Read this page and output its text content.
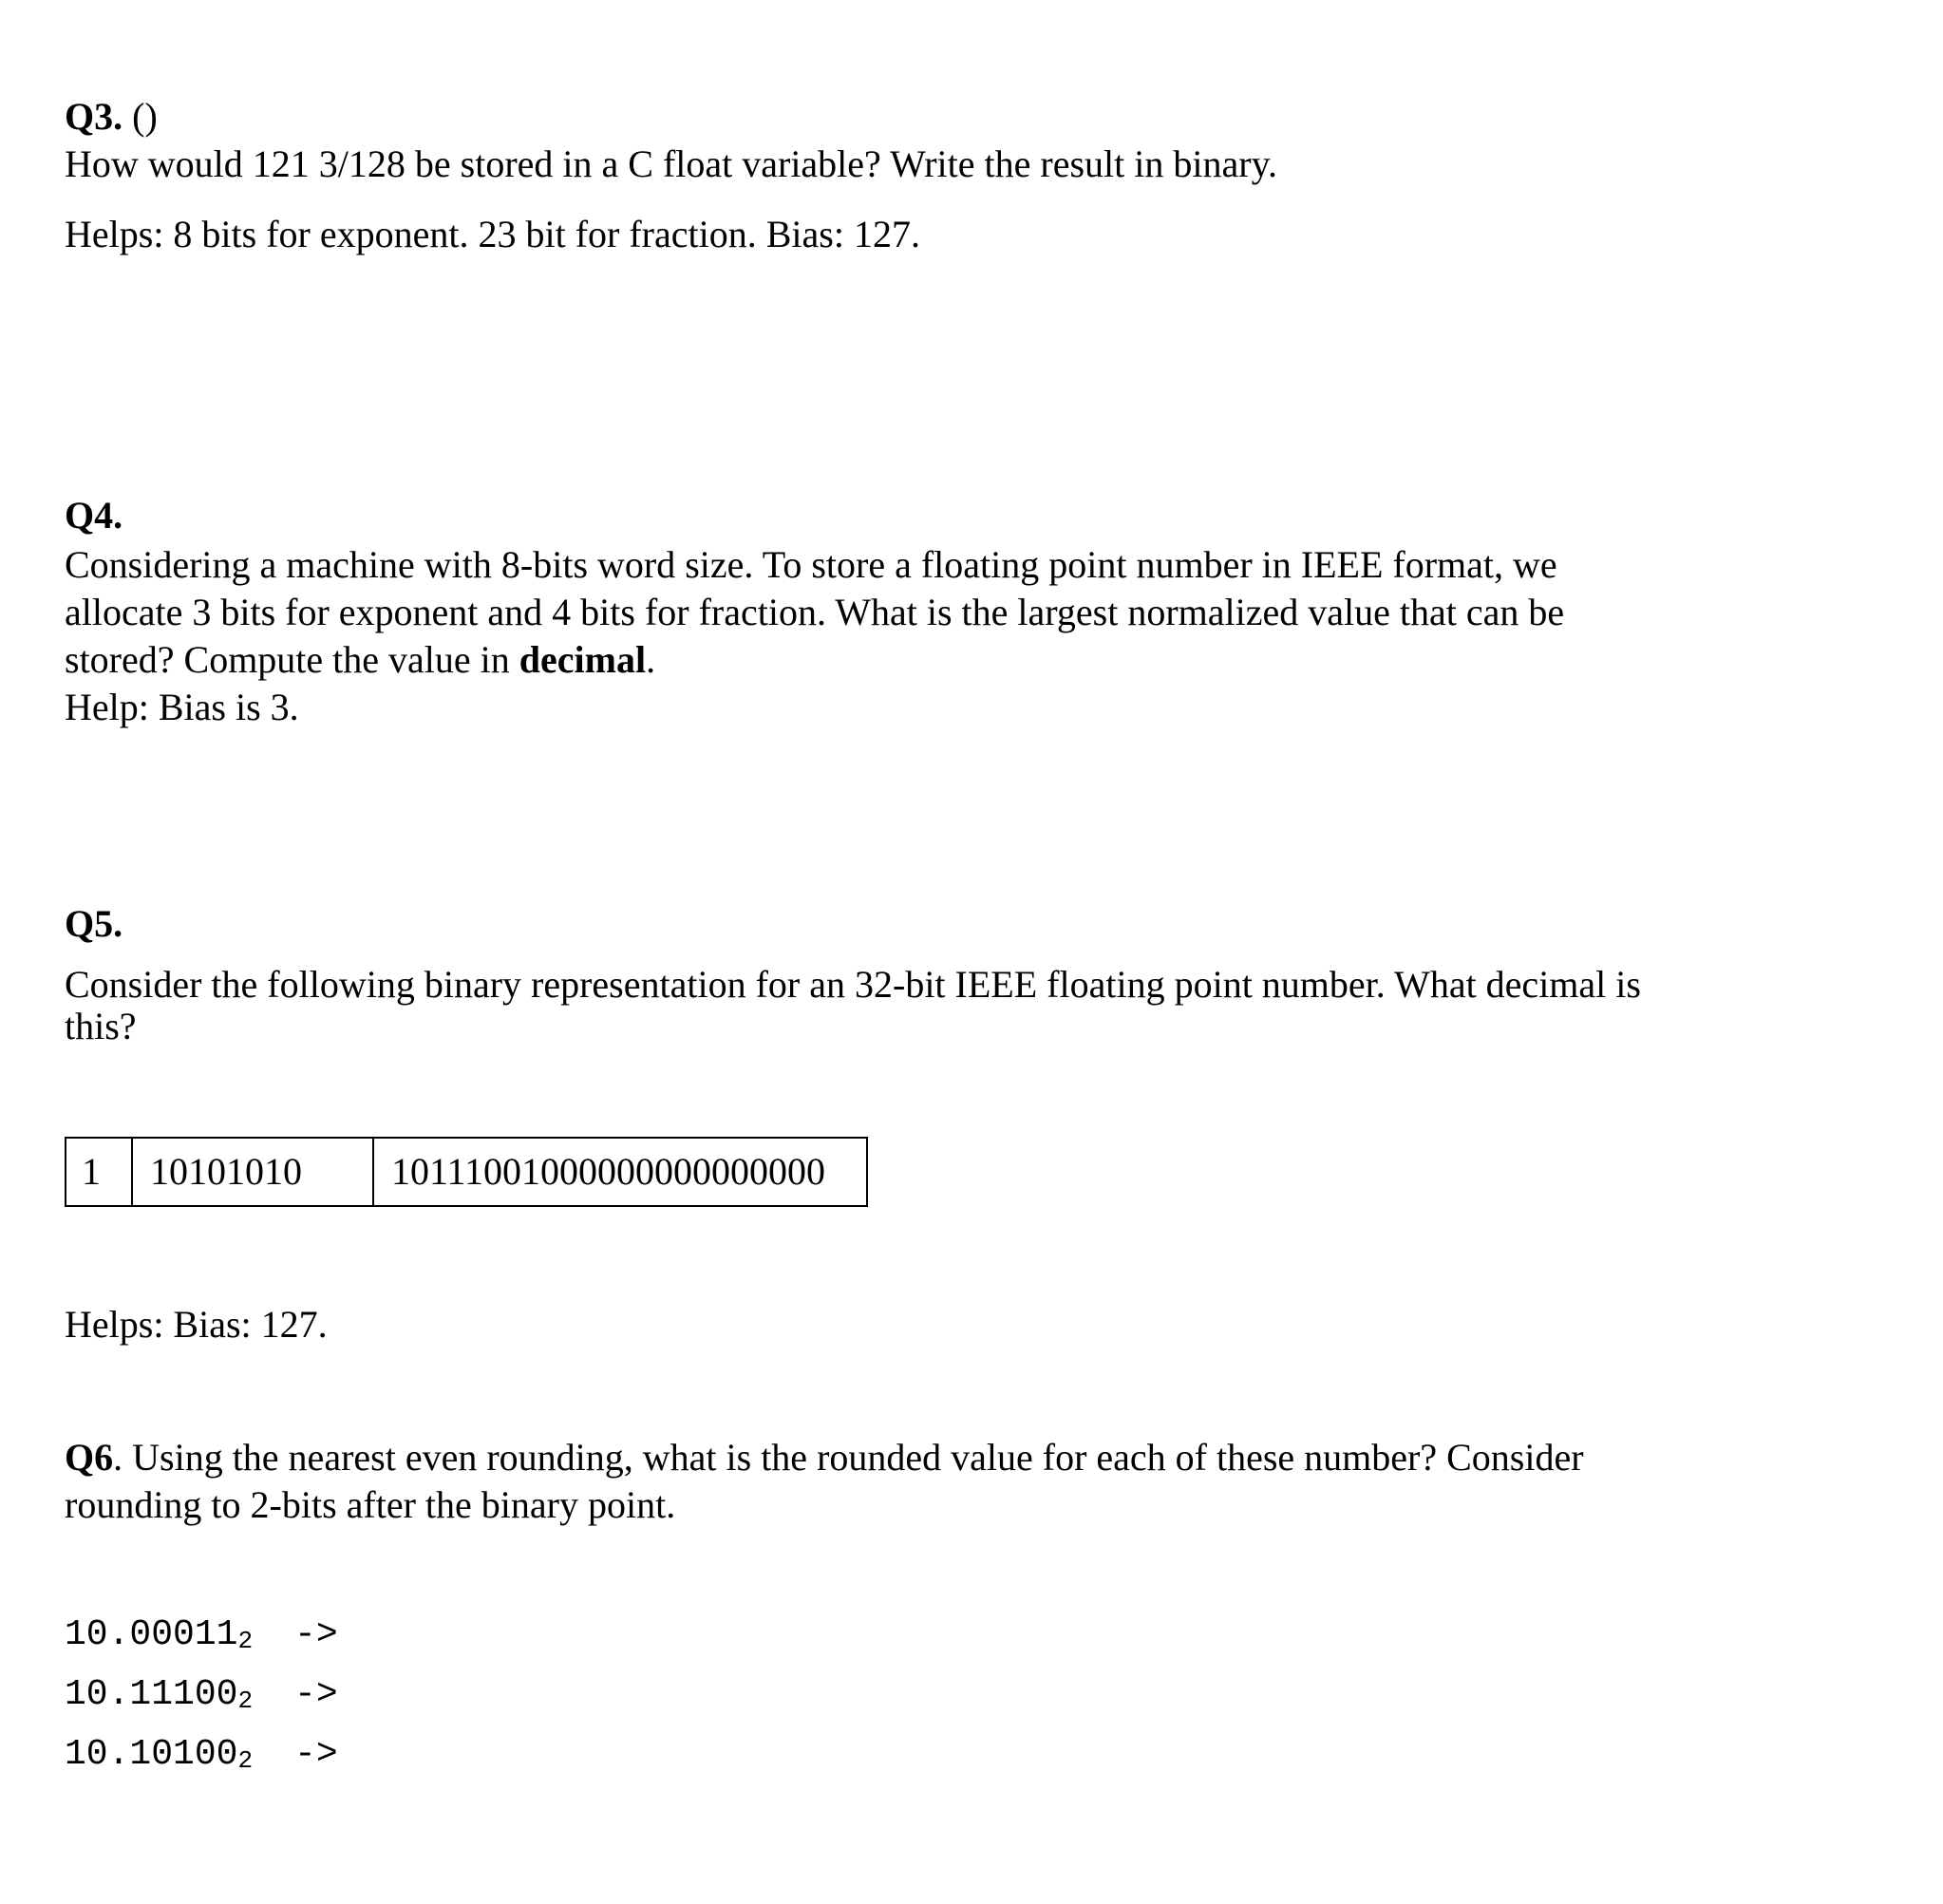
Q3. ()
How would 121 3/128 be stored in a C float variable? Write the result in binary.
Helps: 8 bits for exponent. 23 bit for fraction. Bias: 127.
Q4.
Considering a machine with 8-bits word size. To store a floating point number in IEEE format, we
allocate 3 bits for exponent and 4 bits for fraction. What is the largest normalized value that can be
stored? Compute the value in decimal.
Help: Bias is 3.
Q5.
Consider the following binary representation for an 32-bit IEEE floating point number. What decimal is
this?
1	10101010	10111001000000000000000
Helps: Bias: 127.
Q6. Using the nearest even rounding, what is the rounded value for each of these number? Consider
rounding to 2-bits after the binary point.
$10.00011_2$ ->
$10.11100_2$ ->
$10.10100_2$ ->
